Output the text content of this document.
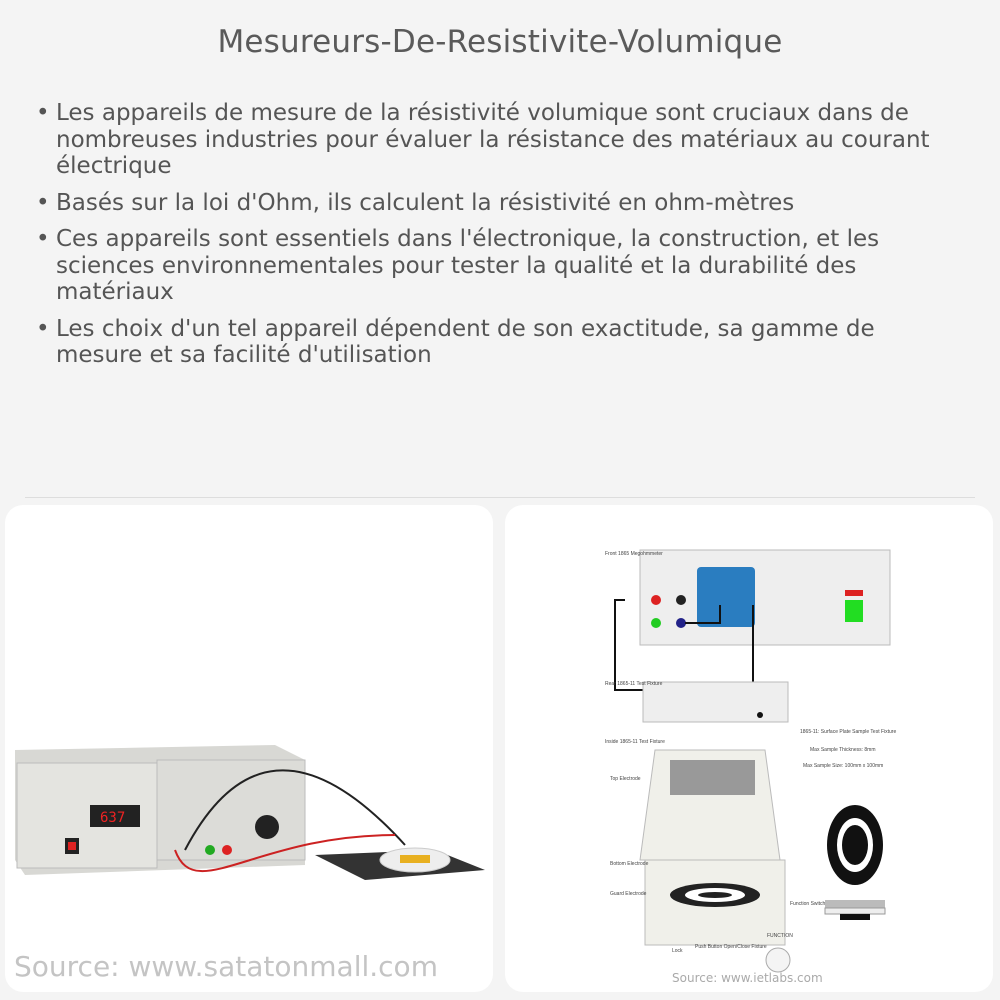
Mesureurs-De-Resistivite-Volumique
• Les appareils de mesure de la résistivité volumique sont cruciaux dans de nombreuses industries pour évaluer la résistance des matériaux au courant électrique
• Basés sur la loi d'Ohm, ils calculent la résistivité en ohm-mètres
• Ces appareils sont essentiels dans l'électronique, la construction, et les sciences environnementales pour tester la qualité et la durabilité des matériaux
• Les choix d'un tel appareil dépendent de son exactitude, sa gamme de mesure et sa facilité d'utilisation
637
Source: www.satatonmall.com
Front 1865 Megohmmeter
Rear 1865-11 Test Fixture
Inside 1865-11 Test Fixture
Top Electrode
Bottom Electrode
Guard Electrode
1865-11: Surface Plate Sample Test Fixture
Max Sample Thickness: 8mm
Max Sample Size: 100mm x 100mm
FUNCTION
Function Switch
Lock
Push Button Open/Close Fixture
Source: www.ietlabs.com
